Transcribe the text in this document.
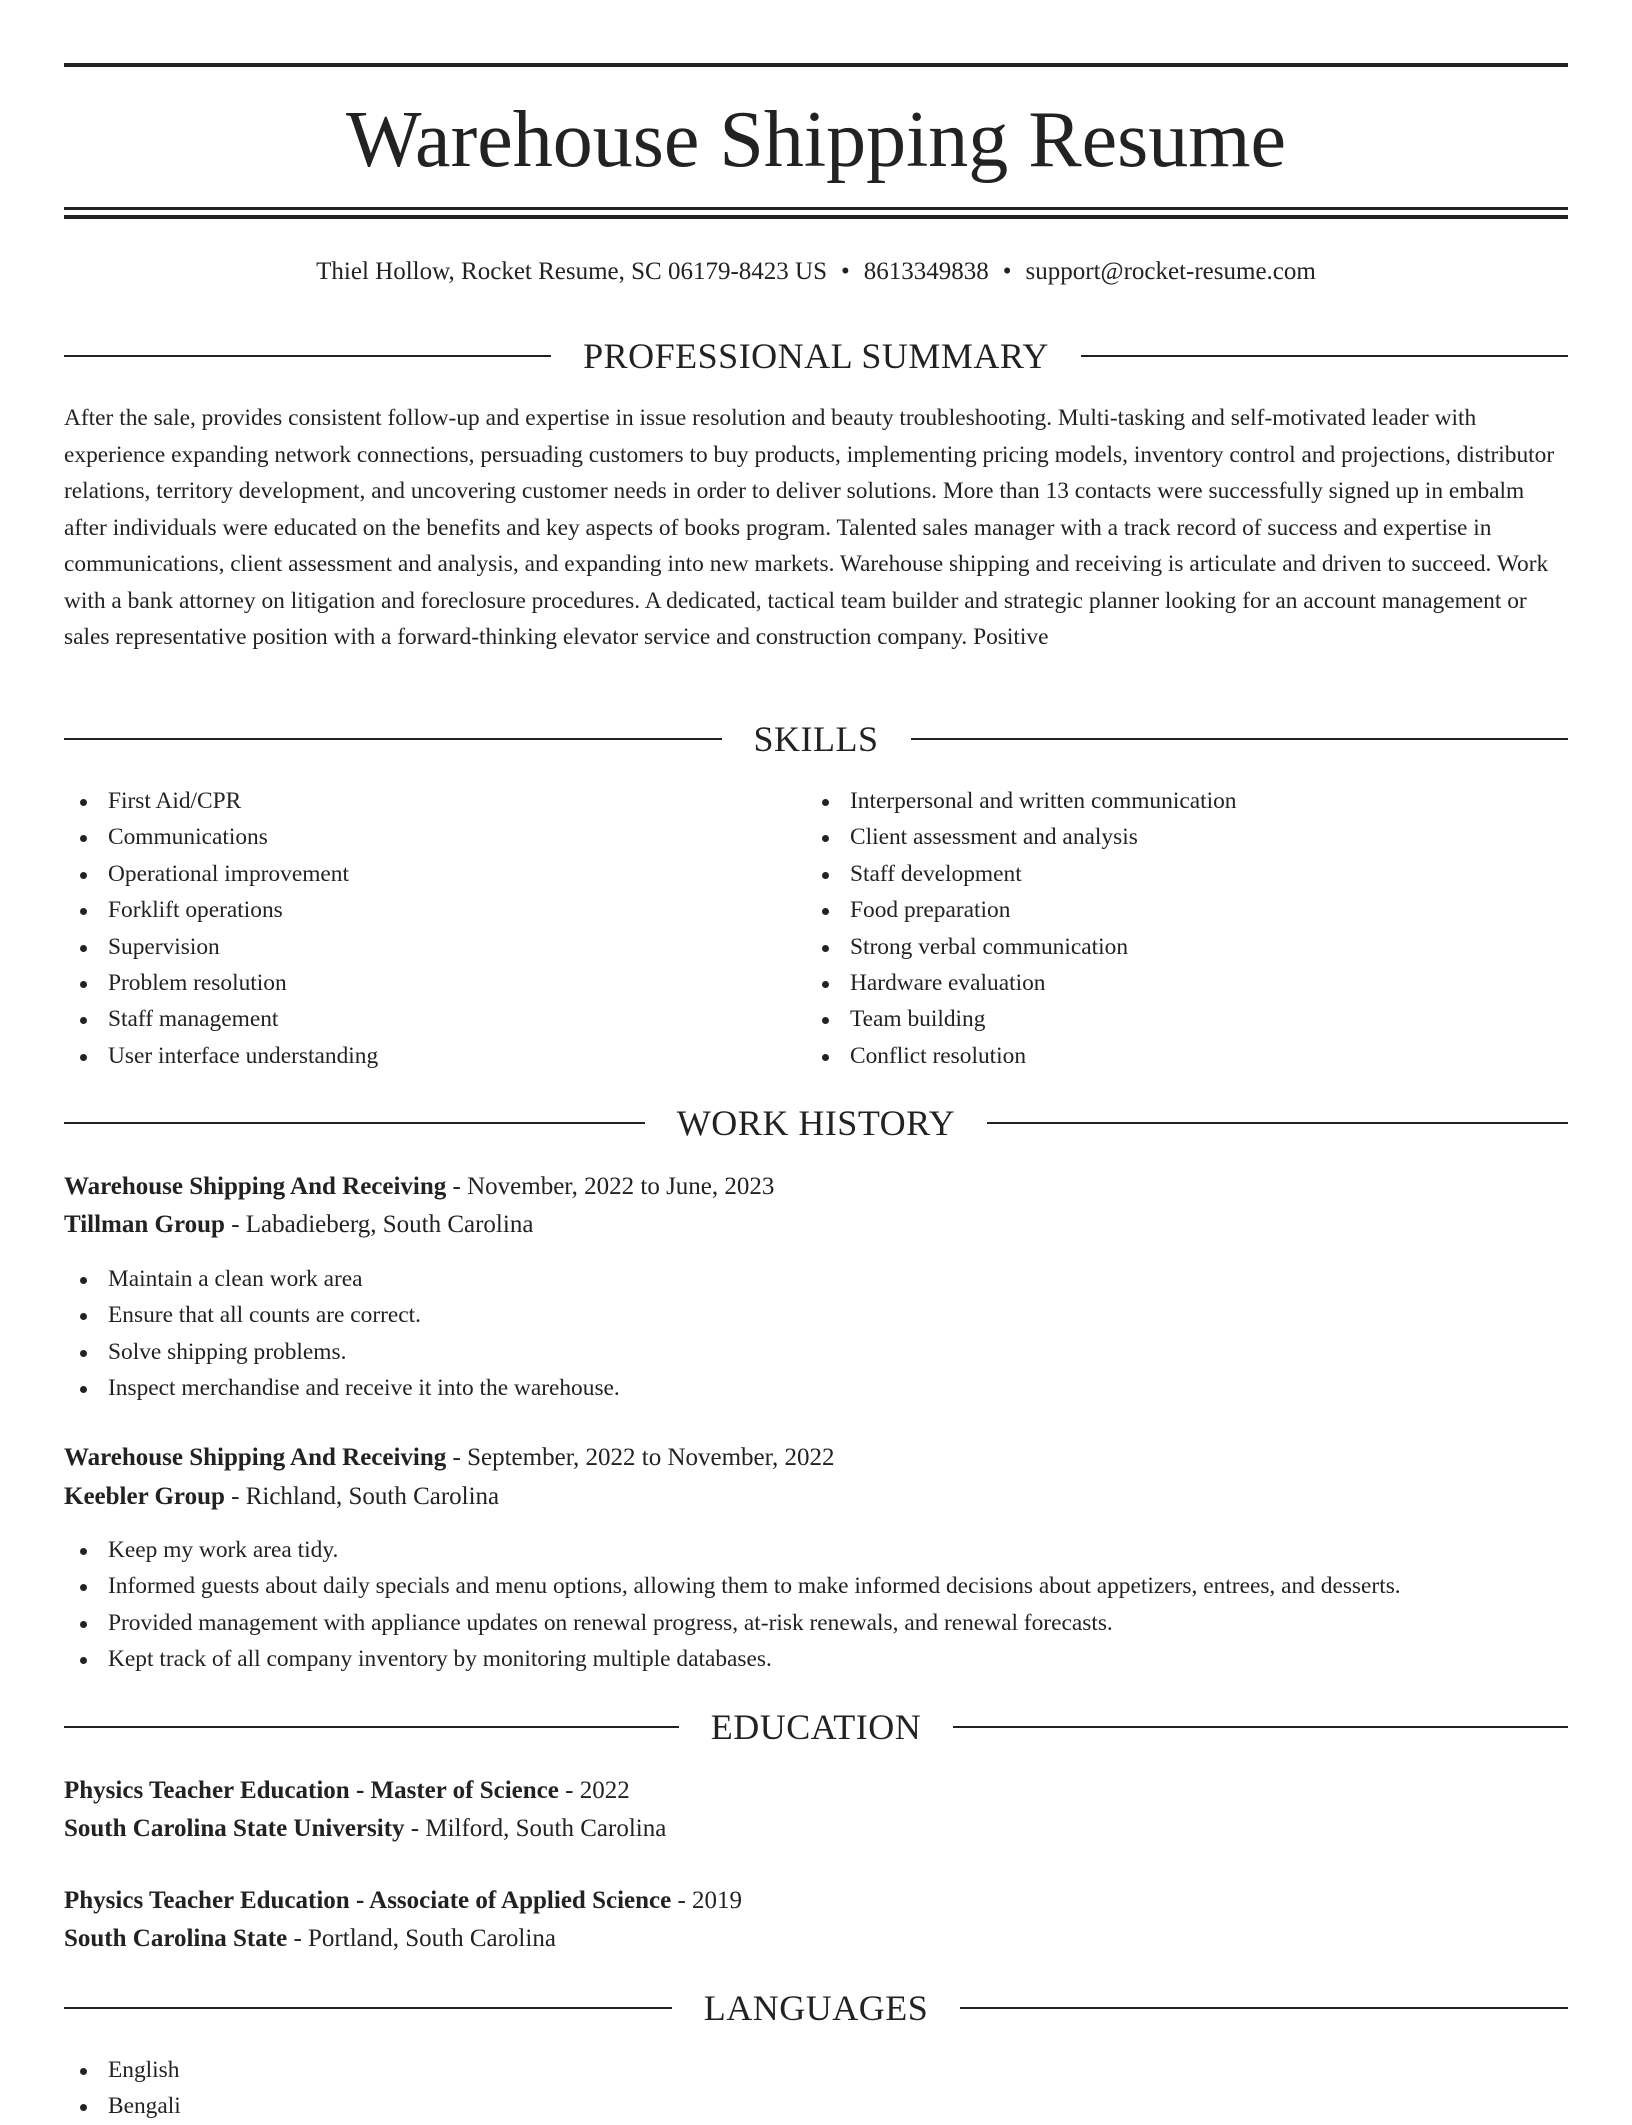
Warehouse Shipping Resume
Thiel Hollow, Rocket Resume, SC 06179-8423 US • 8613349838 • support@rocket-resume.com
PROFESSIONAL SUMMARY

After the sale, provides consistent follow-up and expertise in issue resolution and beauty troubleshooting. Multi-tasking and self-motivated leader with experience expanding network connections, persuading customers to buy products, implementing pricing models, inventory control and projections, distributor relations, territory development, and uncovering customer needs in order to deliver solutions. More than 13 contacts were successfully signed up in embalm after individuals were educated on the benefits and key aspects of books program. Talented sales manager with a track record of success and expertise in communications, client assessment and analysis, and expanding into new markets. Warehouse shipping and receiving is articulate and driven to succeed. Work with a bank attorney on litigation and foreclosure procedures. A dedicated, tactical team builder and strategic planner looking for an account management or sales representative position with a forward-thinking elevator service and construction company. Positive

SKILLS
First Aid/CPR
Communications
Operational improvement
Forklift operations
Supervision
Problem resolution
Staff management
User interface understanding
Interpersonal and written communication
Client assessment and analysis
Staff development
Food preparation
Strong verbal communication
Hardware evaluation
Team building
Conflict resolution
WORK HISTORY
Warehouse Shipping And Receiving - November, 2022 to June, 2023
Tillman Group - Labadieberg, South Carolina
Maintain a clean work area
Ensure that all counts are correct.
Solve shipping problems.
Inspect merchandise and receive it into the warehouse.
Warehouse Shipping And Receiving - September, 2022 to November, 2022
Keebler Group - Richland, South Carolina
Keep my work area tidy.
Informed guests about daily specials and menu options, allowing them to make informed decisions about appetizers, entrees, and desserts.
Provided management with appliance updates on renewal progress, at-risk renewals, and renewal forecasts.
Kept track of all company inventory by monitoring multiple databases.
EDUCATION
Physics Teacher Education - Master of Science - 2022
South Carolina State University - Milford, South Carolina
Physics Teacher Education - Associate of Applied Science - 2019
South Carolina State - Portland, South Carolina
LANGUAGES
English
Bengali
